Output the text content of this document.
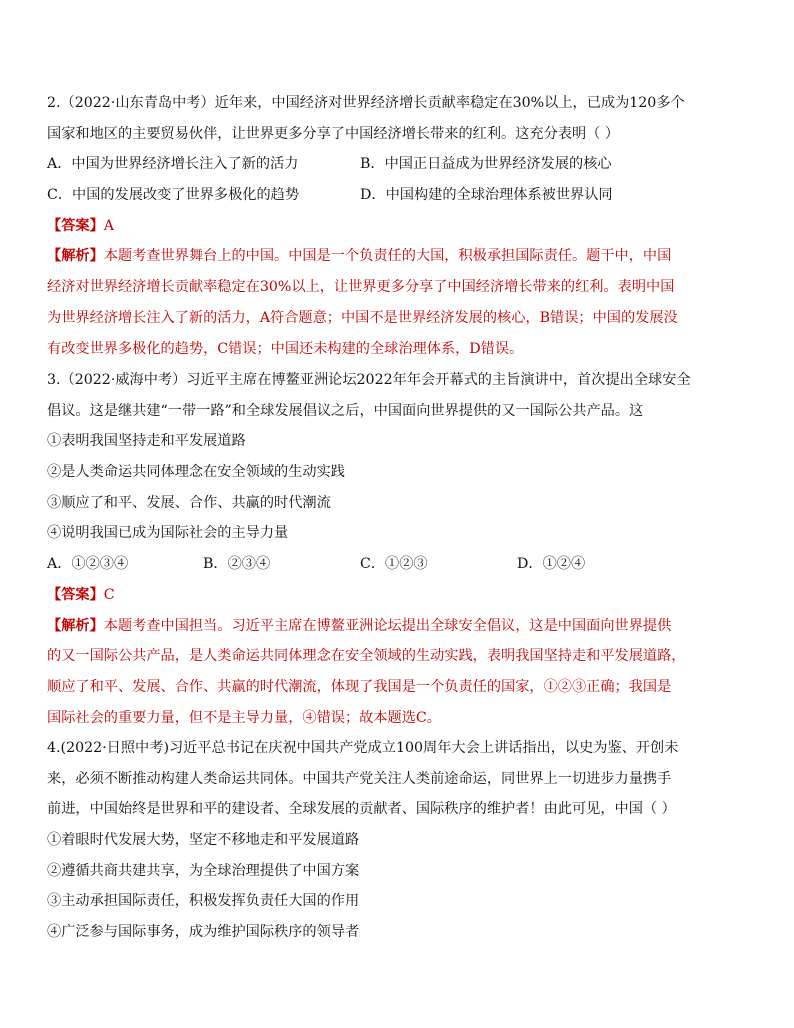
2.（2022·山东青岛中考）近年来，中国经济对世界经济增长贡献率稳定在30%以上，已成为120多个
国家和地区的主要贸易伙伴，让世界更多分享了中国经济增长带来的红利。这充分表明（ ）
A．中国为世界经济增长注入了新的活力	B．中国正日益成为世界经济发展的核心
C．中国的发展改变了世界多极化的趋势	D．中国构建的全球治理体系被世界认同
【答案】A
【解析】本题考查世界舞台上的中国。中国是一个负责任的大国，积极承担国际责任。题干中，中国
经济对世界经济增长贡献率稳定在30%以上，让世界更多分享了中国经济增长带来的红利。表明中国
为世界经济增长注入了新的活力，A符合题意；中国不是世界经济发展的核心，B错误；中国的发展没
有改变世界多极化的趋势，C错误；中国还未构建的全球治理体系，D错误。
3.（2022·威海中考）习近平主席在博鳌亚洲论坛2022年年会开幕式的主旨演讲中，首次提出全球安全
倡议。这是继共建“一带一路”和全球发展倡议之后，中国面向世界提供的又一国际公共产品。这
①表明我国坚持走和平发展道路
②是人类命运共同体理念在安全领域的生动实践
③顺应了和平、发展、合作、共赢的时代潮流
④说明我国已成为国际社会的主导力量
A．①②③④	B．②③④	C．①②③	D．①②④
【答案】C
【解析】本题考查中国担当。习近平主席在博鳌亚洲论坛提出全球安全倡议，这是中国面向世界提供
的又一国际公共产品，是人类命运共同体理念在安全领域的生动实践，表明我国坚持走和平发展道路，
顺应了和平、发展、合作、共赢的时代潮流，体现了我国是一个负责任的国家，①②③正确；我国是
国际社会的重要力量，但不是主导力量，④错误；故本题选C。
4.(2022·日照中考)习近平总书记在庆祝中国共产党成立100周年大会上讲话指出，以史为鉴、开创未
来，必须不断推动构建人类命运共同体。中国共产党关注人类前途命运，同世界上一切进步力量携手
前进，中国始终是世界和平的建设者、全球发展的贡献者、国际秩序的维护者！由此可见，中国（ ）
①着眼时代发展大势，坚定不移地走和平发展道路
②遵循共商共建共享，为全球治理提供了中国方案
③主动承担国际责任，积极发挥负责任大国的作用
④广泛参与国际事务，成为维护国际秩序的领导者
